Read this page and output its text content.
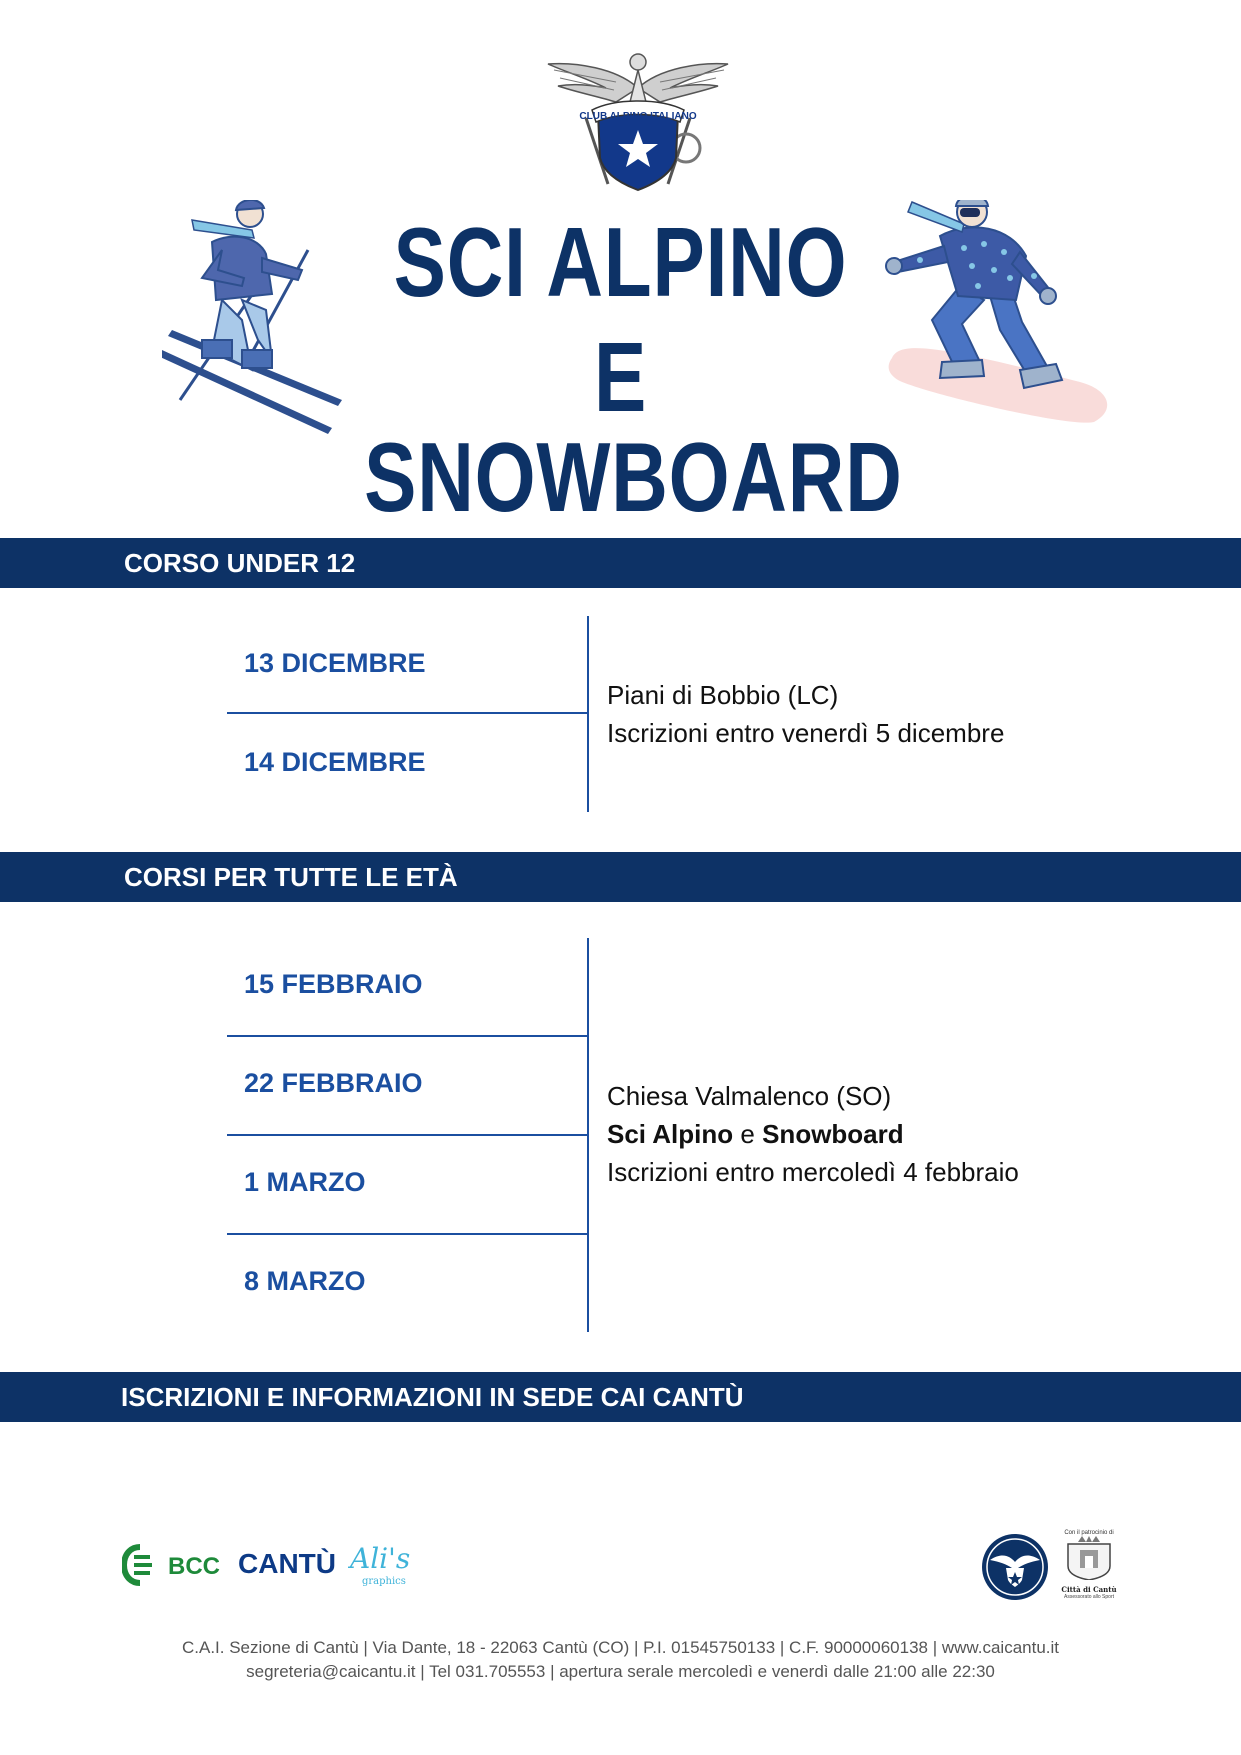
CLUB ALPINO ITALIANO
SCI ALPINO
E SNOWBOARD
CORSO UNDER 12
13 DICEMBRE
14 DICEMBRE
Piani di Bobbio (LC)
Iscrizioni entro venerdì 5 dicembre
CORSI PER TUTTE LE ETÀ
15 FEBBRAIO
22 FEBBRAIO
1 MARZO
8 MARZO
Chiesa Valmalenco (SO)
Sci Alpino e Snowboard
Iscrizioni entro mercoledì 4 febbraio
ISCRIZIONI E INFORMAZIONI IN SEDE CAI CANTÙ
BCC CANTÙ Ali's
graphics
Con il patrocinio di
Città di Cantù
Assessorato allo Sport
C.A.I. Sezione di Cantù | Via Dante, 18 - 22063 Cantù (CO) | P.I. 01545750133 | C.F. 90000060138 | www.caicantu.it
segreteria@caicantu.it | Tel 031.705553 | apertura serale mercoledì e venerdì dalle 21:00 alle 22:30
